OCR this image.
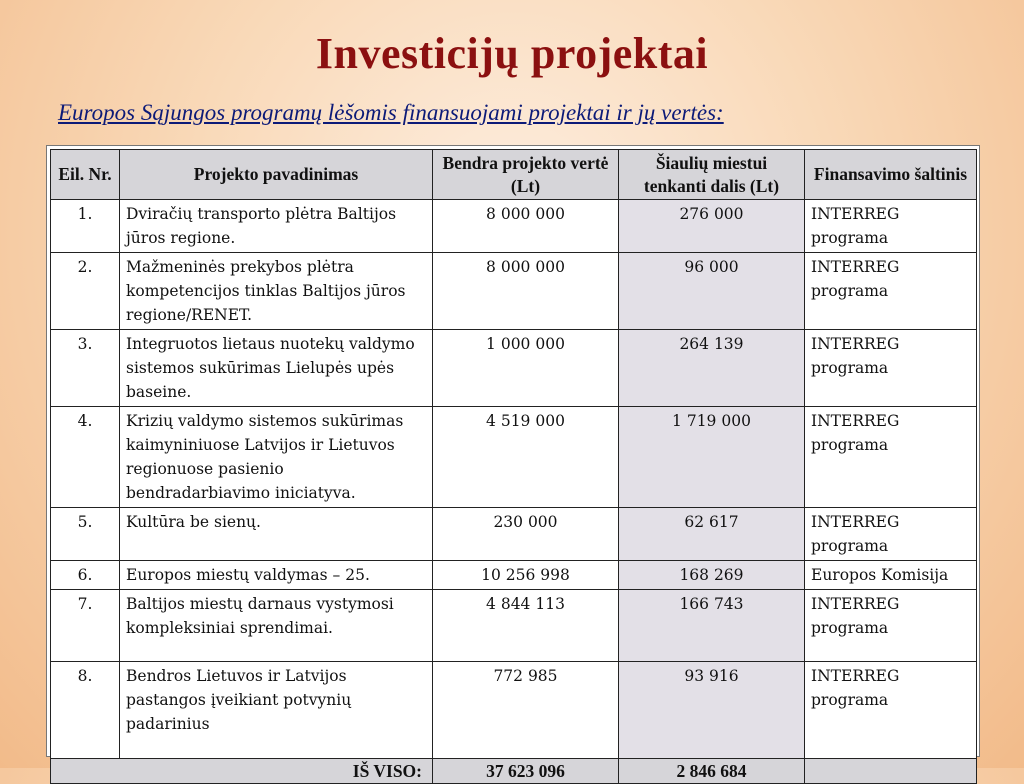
Investicijų projektai
Europos Sąjungos programų lėšomis finansuojami projektai ir jų vertės:
Eil. Nr.	Projekto pavadinimas	Bendra projekto vertė (Lt)	Šiaulių miestui tenkanti dalis (Lt)	Finansavimo šaltinis
1.	Dviračių transporto plėtra Baltijos jūros regione.	8 000 000	276 000	INTERREG programa
2.	Mažmeninės prekybos plėtra kompetencijos tinklas Baltijos jūros regione/RENET.	8 000 000	96 000	INTERREG programa
3.	Integruotos lietaus nuotekų valdymo sistemos sukūrimas Lielupės upės baseine.	1 000 000	264 139	INTERREG programa
4.	Krizių valdymo sistemos sukūrimas kaimyniniuose Latvijos ir Lietuvos regionuose pasienio bendradarbiavimo iniciatyva.	4 519 000	1 719 000	INTERREG programa
5.	Kultūra be sienų.	230 000	62 617	INTERREG programa
6.	Europos miestų valdymas – 25.	10 256 998	168 269	Europos Komisija
7.	Baltijos miestų darnaus vystymosi kompleksiniai sprendimai.	4 844 113	166 743	INTERREG programa
8.	Bendros Lietuvos ir Latvijos pastangos įveikiant potvynių padarinius	772 985	93 916	INTERREG programa
IŠ VISO:		37 623 096	2 846 684	
